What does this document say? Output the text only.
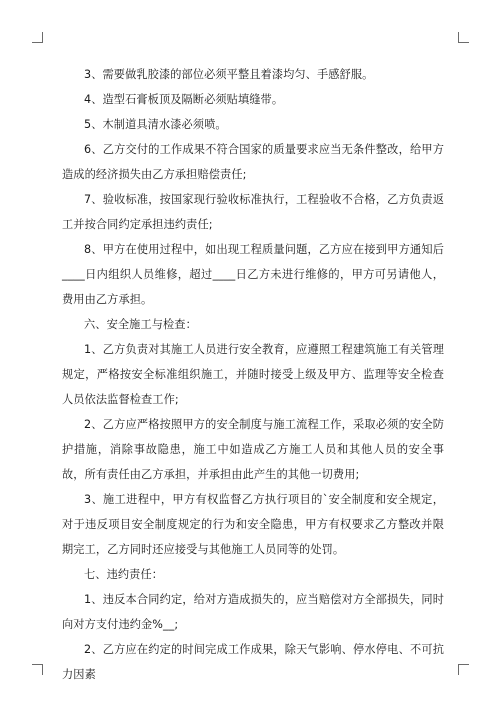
3、需要做乳胶漆的部位必须平整且着漆均匀、手感舒服。

4、造型石膏板顶及隔断必须贴填缝带。

5、木制道具清水漆必须喷。

6、乙方交付的工作成果不符合国家的质量要求应当无条件整改，给甲方造成的经济损失由乙方承担赔偿责任;

7、验收标准，按国家现行验收标准执行，工程验收不合格，乙方负责返工并按合同约定承担违约责任;

8、甲方在使用过程中，如出现工程质量问题，乙方应在接到甲方通知后____日内组织人员维修，超过____日乙方未进行维修的，甲方可另请他人，费用由乙方承担。

六、安全施工与检查：

1、乙方负责对其施工人员进行安全教育，应遵照工程建筑施工有关管理规定，严格按安全标准组织施工，并随时接受上级及甲方、监理等安全检查人员依法监督检查工作;

2、乙方应严格按照甲方的安全制度与施工流程工作，采取必须的安全防护措施，消除事故隐患，施工中如造成乙方施工人员和其他人员的安全事故，所有责任由乙方承担，并承担由此产生的其他一切费用;

3、施工进程中，甲方有权监督乙方执行项目的`安全制度和安全规定，对于违反项目安全制度规定的行为和安全隐患，甲方有权要求乙方整改并限期完工，乙方同时还应接受与其他施工人员同等的处罚。

七、违约责任：

1、违反本合同约定，给对方造成损失的，应当赔偿对方全部损失，同时向对方支付违约金%__;

2、乙方应在约定的时间完成工作成果，除天气影响、停水停电、不可抗力因素
